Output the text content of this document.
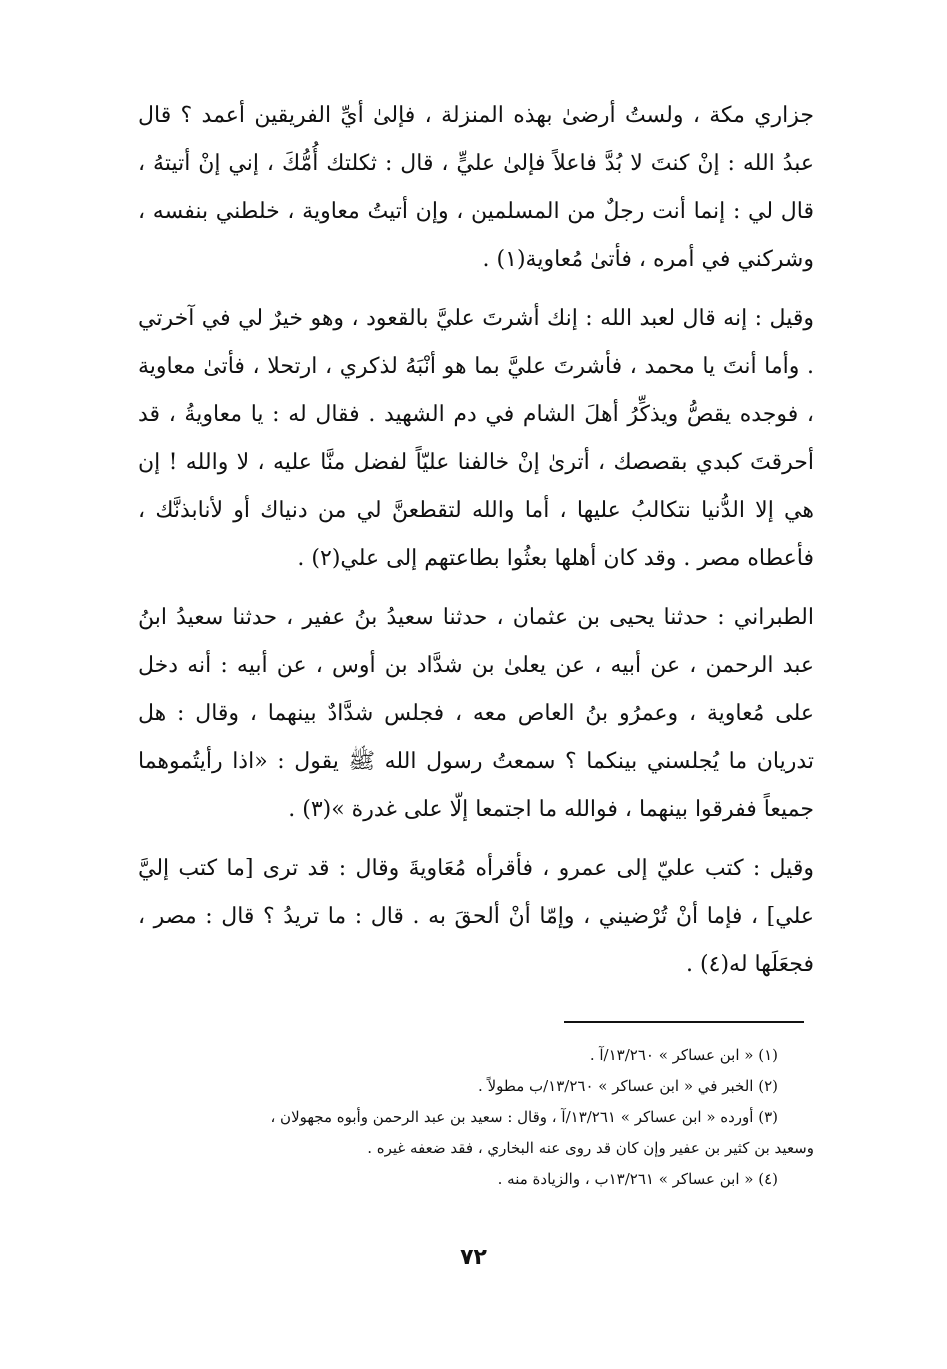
جزاري مكة ، ولستُ أرضىٰ بهذه المنزلة ، فإلىٰ أيِّ الفريقين أعمد ؟ قال عبدُ الله : إنْ كنتَ لا بُدَّ فاعلاً فإلىٰ عليٍّ ، قال : ثكلتك أُمُّكَ ، إني إنْ أتيتهُ ، قال لي : إنما أنت رجلٌ من المسلمين ، وإن أتيتُ معاوية ، خلطني بنفسه ، وشركني في أمره ، فأتىٰ مُعاوية(١) .

وقيل : إنه قال لعبد الله : إنك أشرتَ عليَّ بالقعود ، وهو خيرٌ لي في آخرتي . وأما أنتَ يا محمد ، فأشرتَ عليَّ بما هو أنْبَهُ لذكري ، ارتحلا ، فأتىٰ معاوية ، فوجده يقصُّ ويذكِّرُ أهلَ الشام في دم الشهيد . فقال له : يا معاويةُ ، قد أحرقتَ كبدي بقصصك ، أترىٰ إنْ خالفنا عليّاً لفضل منَّا عليه ، لا والله ! إن هي إلا الدُّنيا نتكالبُ عليها ، أما والله لتقطعنَّ لي من دنياك أو لأنابذنَّك ، فأعطاه مصر . وقد كان أهلها بعثُوا بطاعتهم إلى علي(٢) .

الطبراني : حدثنا يحيى بن عثمان ، حدثنا سعيدُ بنُ عفير ، حدثنا سعيدُ ابنُ عبد الرحمن ، عن أبيه ، عن يعلىٰ بن شدَّاد بن أوس ، عن أبيه : أنه دخل على مُعاوية ، وعمرُو بنُ العاص معه ، فجلس شدَّادٌ بينهما ، وقال : هل تدريان ما يُجلسني بينكما ؟ سمعتُ رسول الله ﷺ يقول : «اذا رأيتُموهما جميعاً ففرقوا بينهما ، فوالله ما اجتمعا إلّا على غدرة »(٣) .

وقيل : كتب عليّ إلى عمرو ، فأقرأه مُعَاويةَ وقال : قد ترى [ما كتب إليَّ علي] ، فإما أنْ تُرْضيني ، وإمّا أنْ ألحقَ به . قال : ما تريدُ ؟ قال : مصر ، فجعَلَها له(٤) .

(١) « ابن عساكر » ١٣/٢٦٠/آ .

(٢) الخبر في « ابن عساكر » ١٣/٢٦٠/ب مطولاً .

(٣) أورده « ابن عساكر » ١٣/٢٦١/آ ، وقال : سعيد بن عبد الرحمن وأبوه مجهولان ،

وسعيد بن كثير بن عفير وإن كان قد روى عنه البخاري ، فقد ضعفه غيره .

(٤) « ابن عساكر » ١٣/٢٦١ب ، والزيادة منه .

٧٢
